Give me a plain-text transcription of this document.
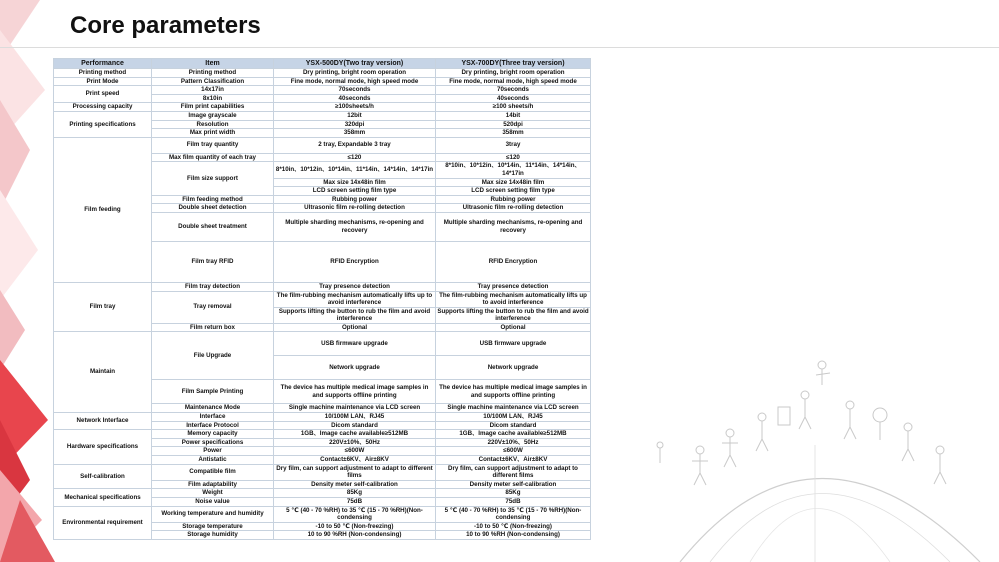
Core parameters
Performance	Item	YSX-500DY(Two tray version)	YSX-700DY(Three tray version)
Printing method	Printing method	Dry printing, bright room operation	Dry printing, bright room operation
Print Mode	Pattern Classification	Fine mode, normal mode, high speed mode	Fine mode, normal mode, high speed mode
Print speed	14x17in	70seconds	70seconds
	8x10in	40seconds	40seconds
Processing capacity	Film print capabilities	≥100sheets/h	≥100 sheets/h
Printing specifications	Image grayscale	12bit	14bit
	Resolution	320dpi	520dpi
	Max print width	358mm	358mm
Film feeding	Film tray quantity	2 tray, Expandable 3 tray	3tray
	Max film quantity of each tray	≤120	≤120
	Film size support	8*10in、10*12in、10*14in、11*14in、14*14in、14*17in	8*10in、10*12in、10*14in、11*14in、14*14in、14*17in
		Max size 14x48in film	Max size 14x48in film
		LCD screen setting film type	LCD screen setting film type
	Film feeding method	Rubbing power	Rubbing power
	Double sheet detection	Ultrasonic film re-rolling detection	Ultrasonic film re-rolling detection
	Double sheet treatment	Multiple sharding mechanisms, re-opening and recovery	Multiple sharding mechanisms, re-opening and recovery
	Film tray RFID	RFID Encryption	RFID Encryption
Film tray	Film tray detection	Tray presence detection	Tray presence detection
	Tray removal	The film-rubbing mechanism automatically lifts up to avoid interference	The film-rubbing mechanism automatically lifts up to avoid interference
		Supports lifting the button to rub the film and avoid interference	Supports lifting the button to rub the film and avoid interference
	Film return box	Optional	Optional
Maintain	File Upgrade	USB firmware upgrade	USB firmware upgrade
		Network upgrade	Network upgrade
	Film Sample Printing	The device has multiple medical image samples in and supports offline printing	The device has multiple medical image samples in and supports offline printing
	Maintenance Mode	Single machine maintenance via LCD screen	Single machine maintenance via LCD screen
Network Interface	Interface	10/100M LAN、RJ45	10/100M LAN、RJ45
	Interface Protocol	Dicom standard	Dicom standard
Hardware specifications	Memory capacity	1GB、Image cache available≥512MB	1GB、Image cache available≥512MB
	Power specifications	220V±10%、50Hz	220V±10%、50Hz
	Power	≤600W	≤600W
	Antistatic	Contact±6KV、Air±8KV	Contact±6KV、Air±8KV
Self-calibration	Compatible film	Dry film, can support adjustment to adapt to different films	Dry film, can support adjustment to adapt to different films
	Film adaptability	Density meter self-calibration	Density meter self-calibration
Mechanical specifications	Weight	85Kg	85Kg
	Noise value	75dB	75dB
Environmental requirement	Working temperature and humidity	5 ℃ (40 - 70 %RH) to 35 ℃ (15 - 70 %RH)(Non-condensing	5 ℃ (40 - 70 %RH) to 35 ℃ (15 - 70 %RH)(Non-condensing
	Storage temperature	-10 to 50 ℃ (Non-freezing)	-10 to 50 ℃ (Non-freezing)
	Storage humidity	10 to 90 %RH (Non-condensing)	10 to 90 %RH (Non-condensing)
